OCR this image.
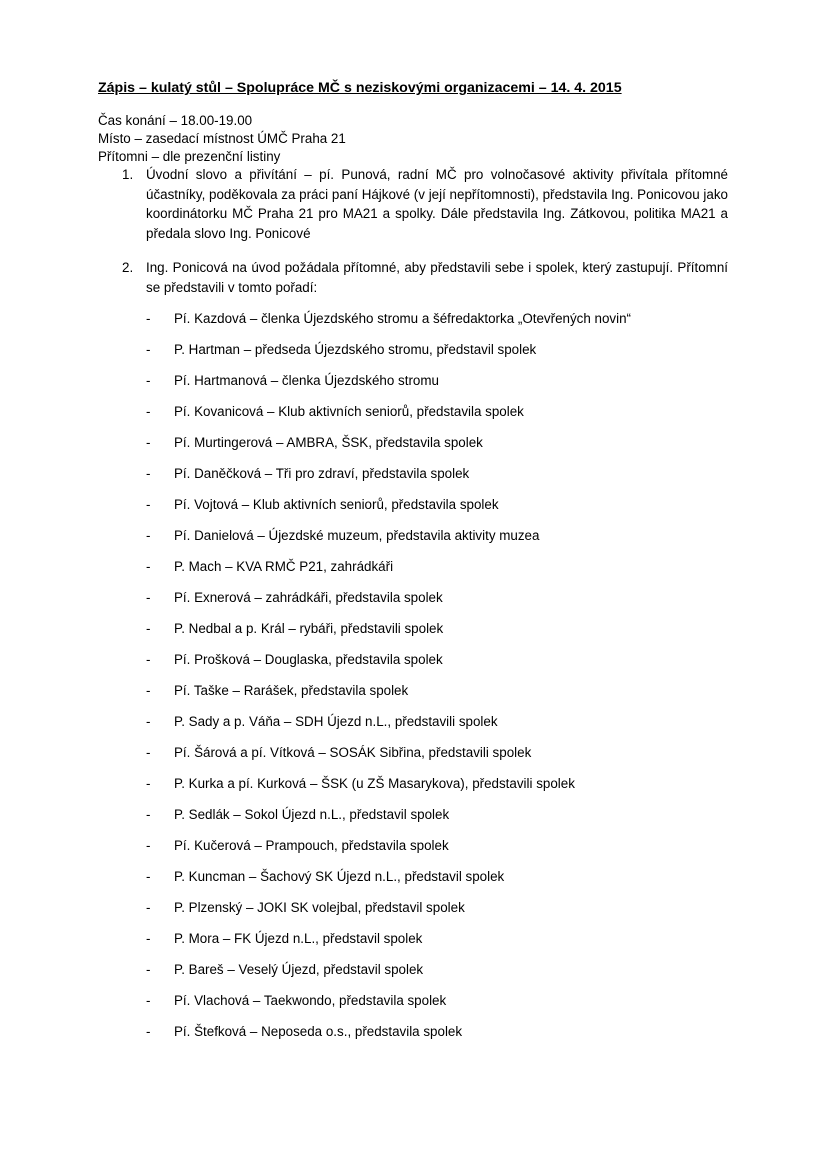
Zápis – kulatý stůl – Spolupráce MČ s neziskovými organizacemi – 14. 4. 2015
Čas konání – 18.00-19.00
Místo – zasedací místnost ÚMČ Praha 21
Přítomni – dle prezenční listiny
1. Úvodní slovo a přivítání – pí. Punová, radní MČ pro volnočasové aktivity přivítala přítomné účastníky, poděkovala za práci paní Hájkové (v její nepřítomnosti), představila Ing. Ponicovou jako koordinátorku MČ Praha 21 pro MA21 a spolky. Dále představila Ing. Zátkovou, politika MA21 a předala slovo Ing. Ponicové
2. Ing. Ponicová na úvod požádala přítomné, aby představili sebe i spolek, který zastupují. Přítomní se představili v tomto pořadí:
-	Pí. Kazdová – členka Újezdského stromu a šéfredaktorka „Otevřených novin“
-	P. Hartman – předseda Újezdského stromu, představil spolek
-	Pí. Hartmanová – členka Újezdského stromu
-	Pí. Kovanicová – Klub aktivních seniorů, představila spolek
-	Pí. Murtingerová – AMBRA, ŠSK, představila spolek
-	Pí. Daněčková – Tři pro zdraví, představila spolek
-	Pí. Vojtová – Klub aktivních seniorů, představila spolek
-	Pí. Danielová – Újezdské muzeum, představila aktivity muzea
-	P. Mach – KVA RMČ P21, zahrádkáři
-	Pí. Exnerová – zahrádkáři, představila spolek
-	P. Nedbal a p. Král – rybáři, představili spolek
-	Pí. Prošková – Douglaska, představila spolek
-	Pí. Taške – Rarášek, představila spolek
-	P. Sady a p. Váňa – SDH Újezd n.L., představili spolek
-	Pí. Šárová a pí. Vítková – SOSÁK Sibřina, představili spolek
-	P. Kurka a pí. Kurková – ŠSK (u ZŠ Masarykova), představili spolek
-	P. Sedlák – Sokol Újezd n.L., představil spolek
-	Pí. Kučerová – Prampouch, představila spolek
-	P. Kuncman – Šachový SK Újezd n.L., představil spolek
-	P. Plzenský – JOKI SK volejbal, představil spolek
-	P. Mora – FK Újezd n.L., představil spolek
-	P. Bareš – Veselý Újezd, představil spolek
-	Pí. Vlachová – Taekwondo, představila spolek
-	Pí. Štefková – Neposeda o.s., představila spolek
